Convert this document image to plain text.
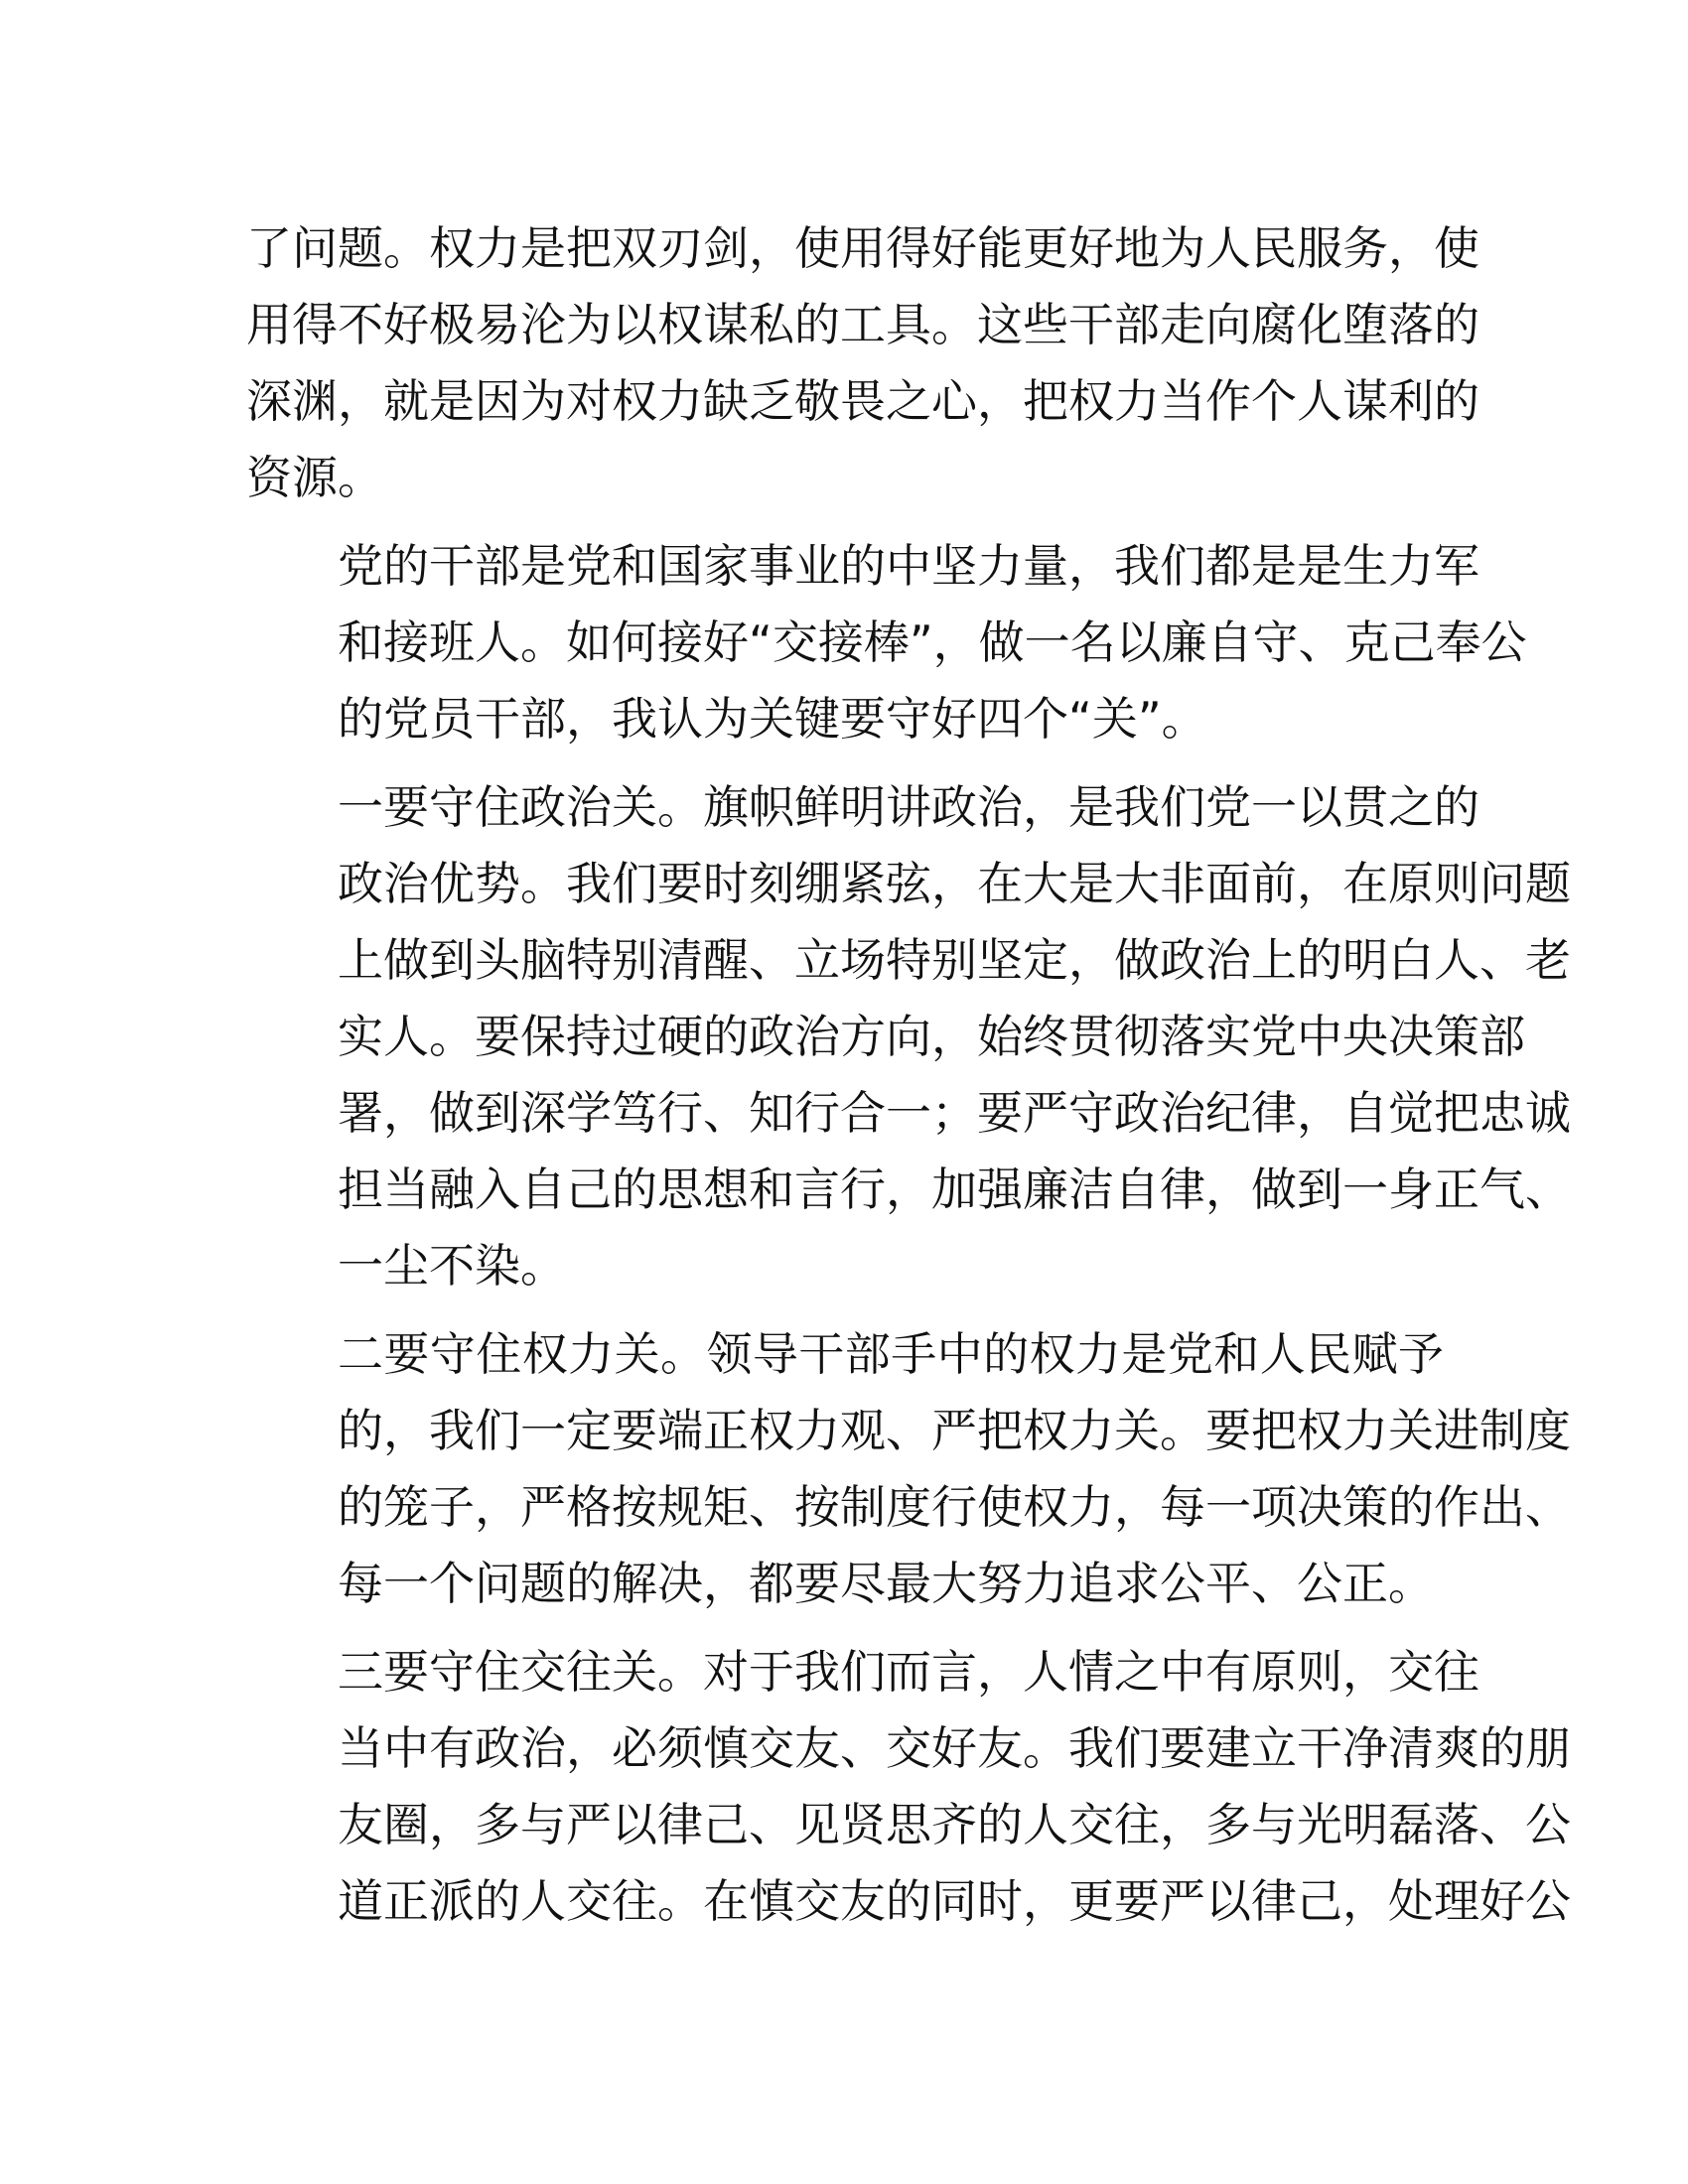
了问题。权力是把双刃剑，使用得好能更好地为人民服务，使
用得不好极易沦为以权谋私的工具。这些干部走向腐化堕落的
深渊，就是因为对权力缺乏敬畏之心，把权力当作个人谋利的
资源。
党的干部是党和国家事业的中坚力量，我们都是是生力军
和接班人。如何接好“交接棒”，做一名以廉自守、克己奉公
的党员干部，我认为关键要守好四个“关”。
一要守住政治关。旗帜鲜明讲政治，是我们党一以贯之的
政治优势。我们要时刻绷紧弦，在大是大非面前，在原则问题
上做到头脑特别清醒、立场特别坚定，做政治上的明白人、老
实人。要保持过硬的政治方向，始终贯彻落实党中央决策部
署，做到深学笃行、知行合一；要严守政治纪律，自觉把忠诚
担当融入自己的思想和言行，加强廉洁自律，做到一身正气、
一尘不染。
二要守住权力关。领导干部手中的权力是党和人民赋予
的，我们一定要端正权力观、严把权力关。要把权力关进制度
的笼子，严格按规矩、按制度行使权力，每一项决策的作出、
每一个问题的解决，都要尽最大努力追求公平、公正。
三要守住交往关。对于我们而言，人情之中有原则，交往
当中有政治，必须慎交友、交好友。我们要建立干净清爽的朋
友圈，多与严以律己、见贤思齐的人交往，多与光明磊落、公
道正派的人交往。在慎交友的同时，更要严以律己，处理好公
